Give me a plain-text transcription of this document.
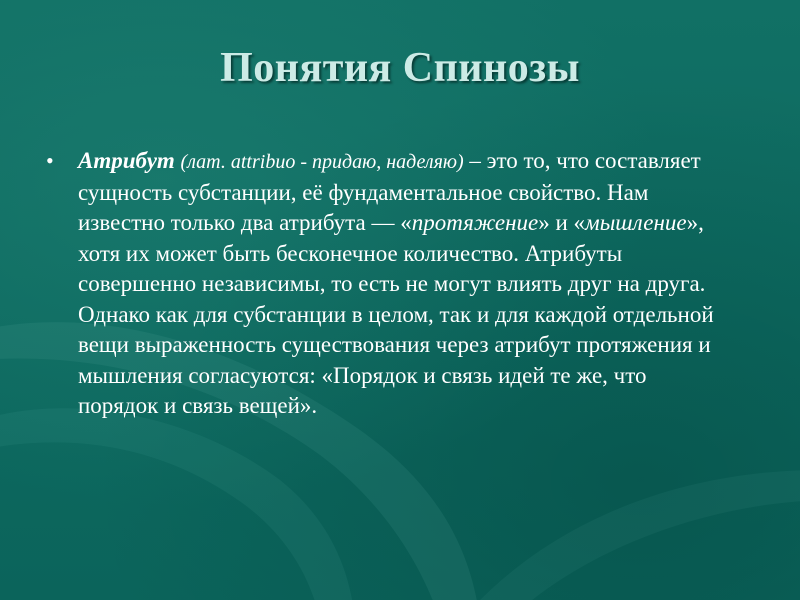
Понятия Спинозы
• Атрибут (лат. attribuo - придаю, наделяю) – это то, что составляет сущность субстанции, её фундаментальное свойство. Нам известно только два атрибута — «протяжение» и «мышление», хотя их может быть бесконечное количество. Атрибуты совершенно независимы, то есть не могут влиять друг на друга. Однако как для субстанции в целом, так и для каждой отдельной вещи выраженность существования через атрибут протяжения и мышления согласуются: «Порядок и связь идей те же, что порядок и связь вещей».
